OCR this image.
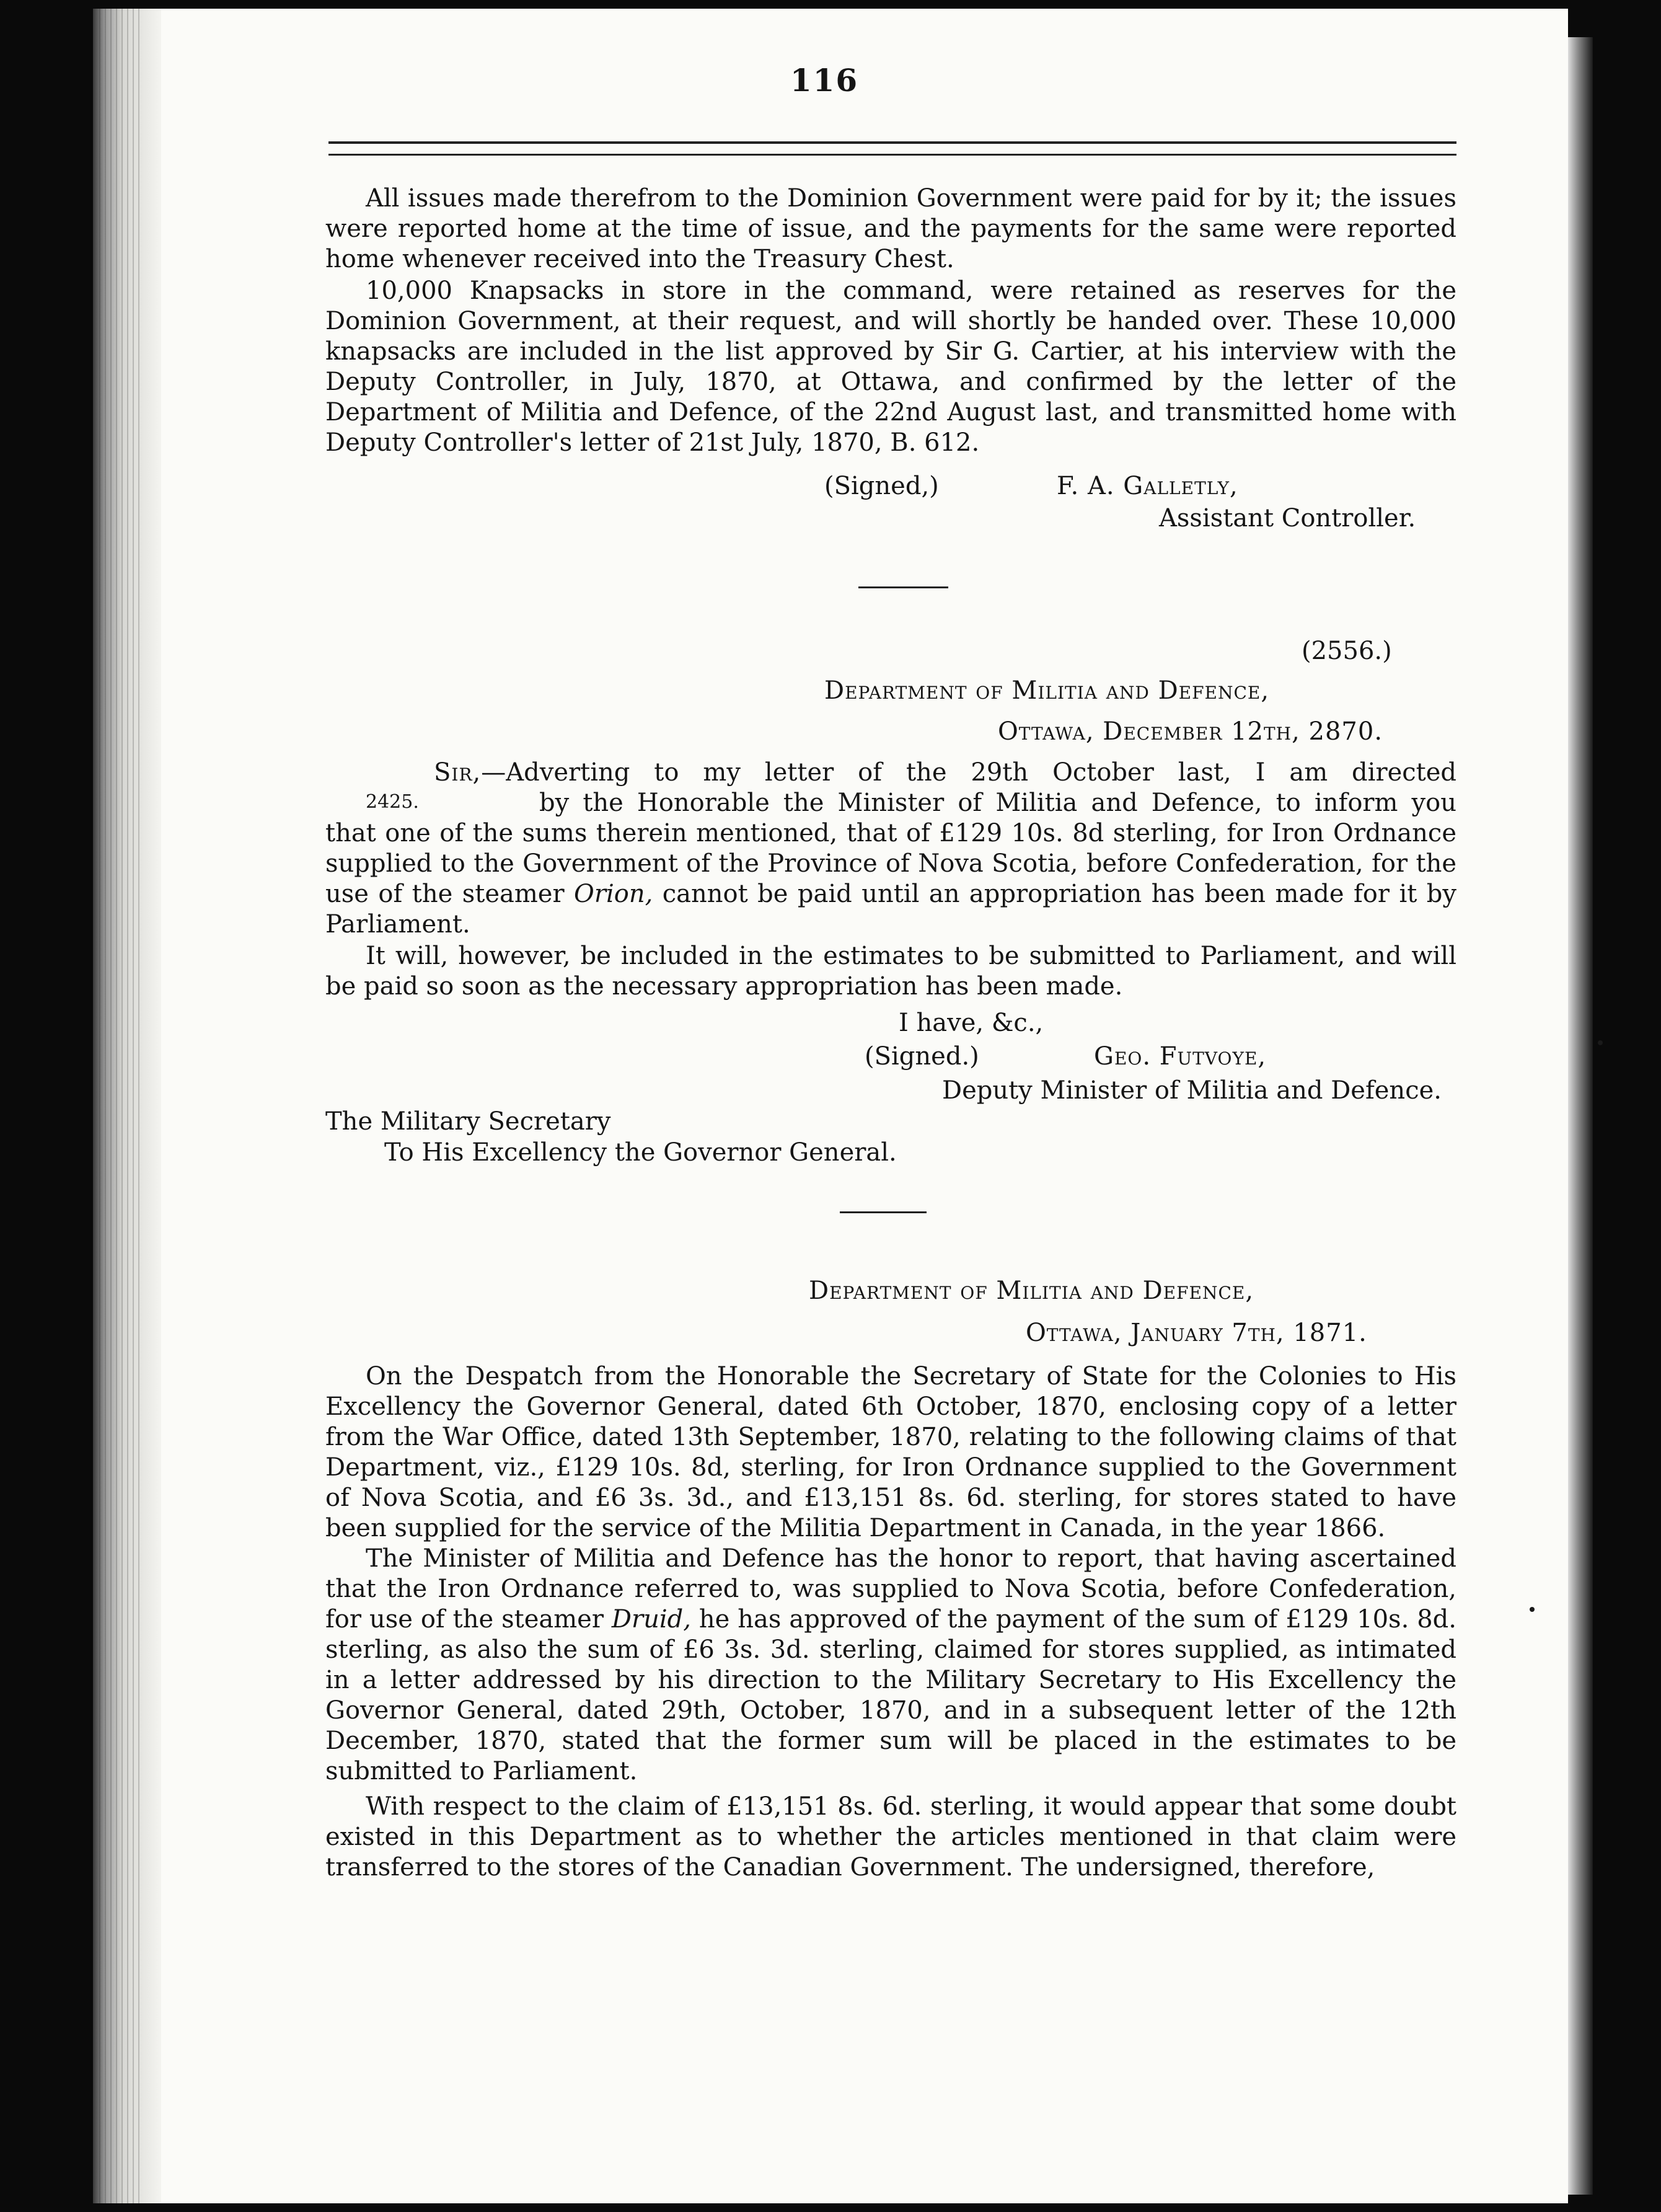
116
All issues made therefrom to the Dominion Government were paid for by it; the issues were reported home at the time of issue, and the payments for the same were reported home whenever received into the Treasury Chest.
10,000 Knapsacks in store in the command, were retained as reserves for the Dominion Government, at their request, and will shortly be handed over. These 10,000 knapsacks are included in the list approved by Sir G. Cartier, at his interview with the Deputy Controller, in July, 1870, at Ottawa, and confirmed by the letter of the Department of Militia and Defence, of the 22nd August last, and transmitted home with Deputy Controller's letter of 21st July, 1870, B. 612.
(Signed,)	F. A. Galletly,
Assistant Controller.
(2556.)
Department of Militia and Defence,
Ottawa, December 12th, 2870.
Sir,—Adverting to my letter of the 29th October last, I am directed
2425.	by the Honorable the Minister of Militia and Defence, to inform you
that one of the sums therein mentioned, that of £129 10s. 8d sterling, for Iron Ordnance supplied to the Government of the Province of Nova Scotia, before Confederation, for the use of the steamer Orion, cannot be paid until an appropriation has been made for it by Parliament.
It will, however, be included in the estimates to be submitted to Parliament, and will be paid so soon as the necessary appropriation has been made.
I have, &c.,
(Signed.)	Geo. Futvoye,
Deputy Minister of Militia and Defence.
The Military Secretary
To His Excellency the Governor General.
Department of Militia and Defence,
Ottawa, January 7th, 1871.
On the Despatch from the Honorable the Secretary of State for the Colonies to His Excellency the Governor General, dated 6th October, 1870, enclosing copy of a letter from the War Office, dated 13th September, 1870, relating to the following claims of that Department, viz., £129 10s. 8d, sterling, for Iron Ordnance supplied to the Government of Nova Scotia, and £6 3s. 3d., and £13,151 8s. 6d. sterling, for stores stated to have been supplied for the service of the Militia Department in Canada, in the year 1866.
The Minister of Militia and Defence has the honor to report, that having ascertained that the Iron Ordnance referred to, was supplied to Nova Scotia, before Confederation, for use of the steamer Druid, he has approved of the payment of the sum of £129 10s. 8d. sterling, as also the sum of £6 3s. 3d. sterling, claimed for stores supplied, as intimated in a letter addressed by his direction to the Military Secretary to His Excellency the Governor General, dated 29th, October, 1870, and in a subsequent letter of the 12th December, 1870, stated that the former sum will be placed in the estimates to be submitted to Parliament.
With respect to the claim of £13,151 8s. 6d. sterling, it would appear that some doubt existed in this Department as to whether the articles mentioned in that claim were transferred to the stores of the Canadian Government. The undersigned, therefore,
